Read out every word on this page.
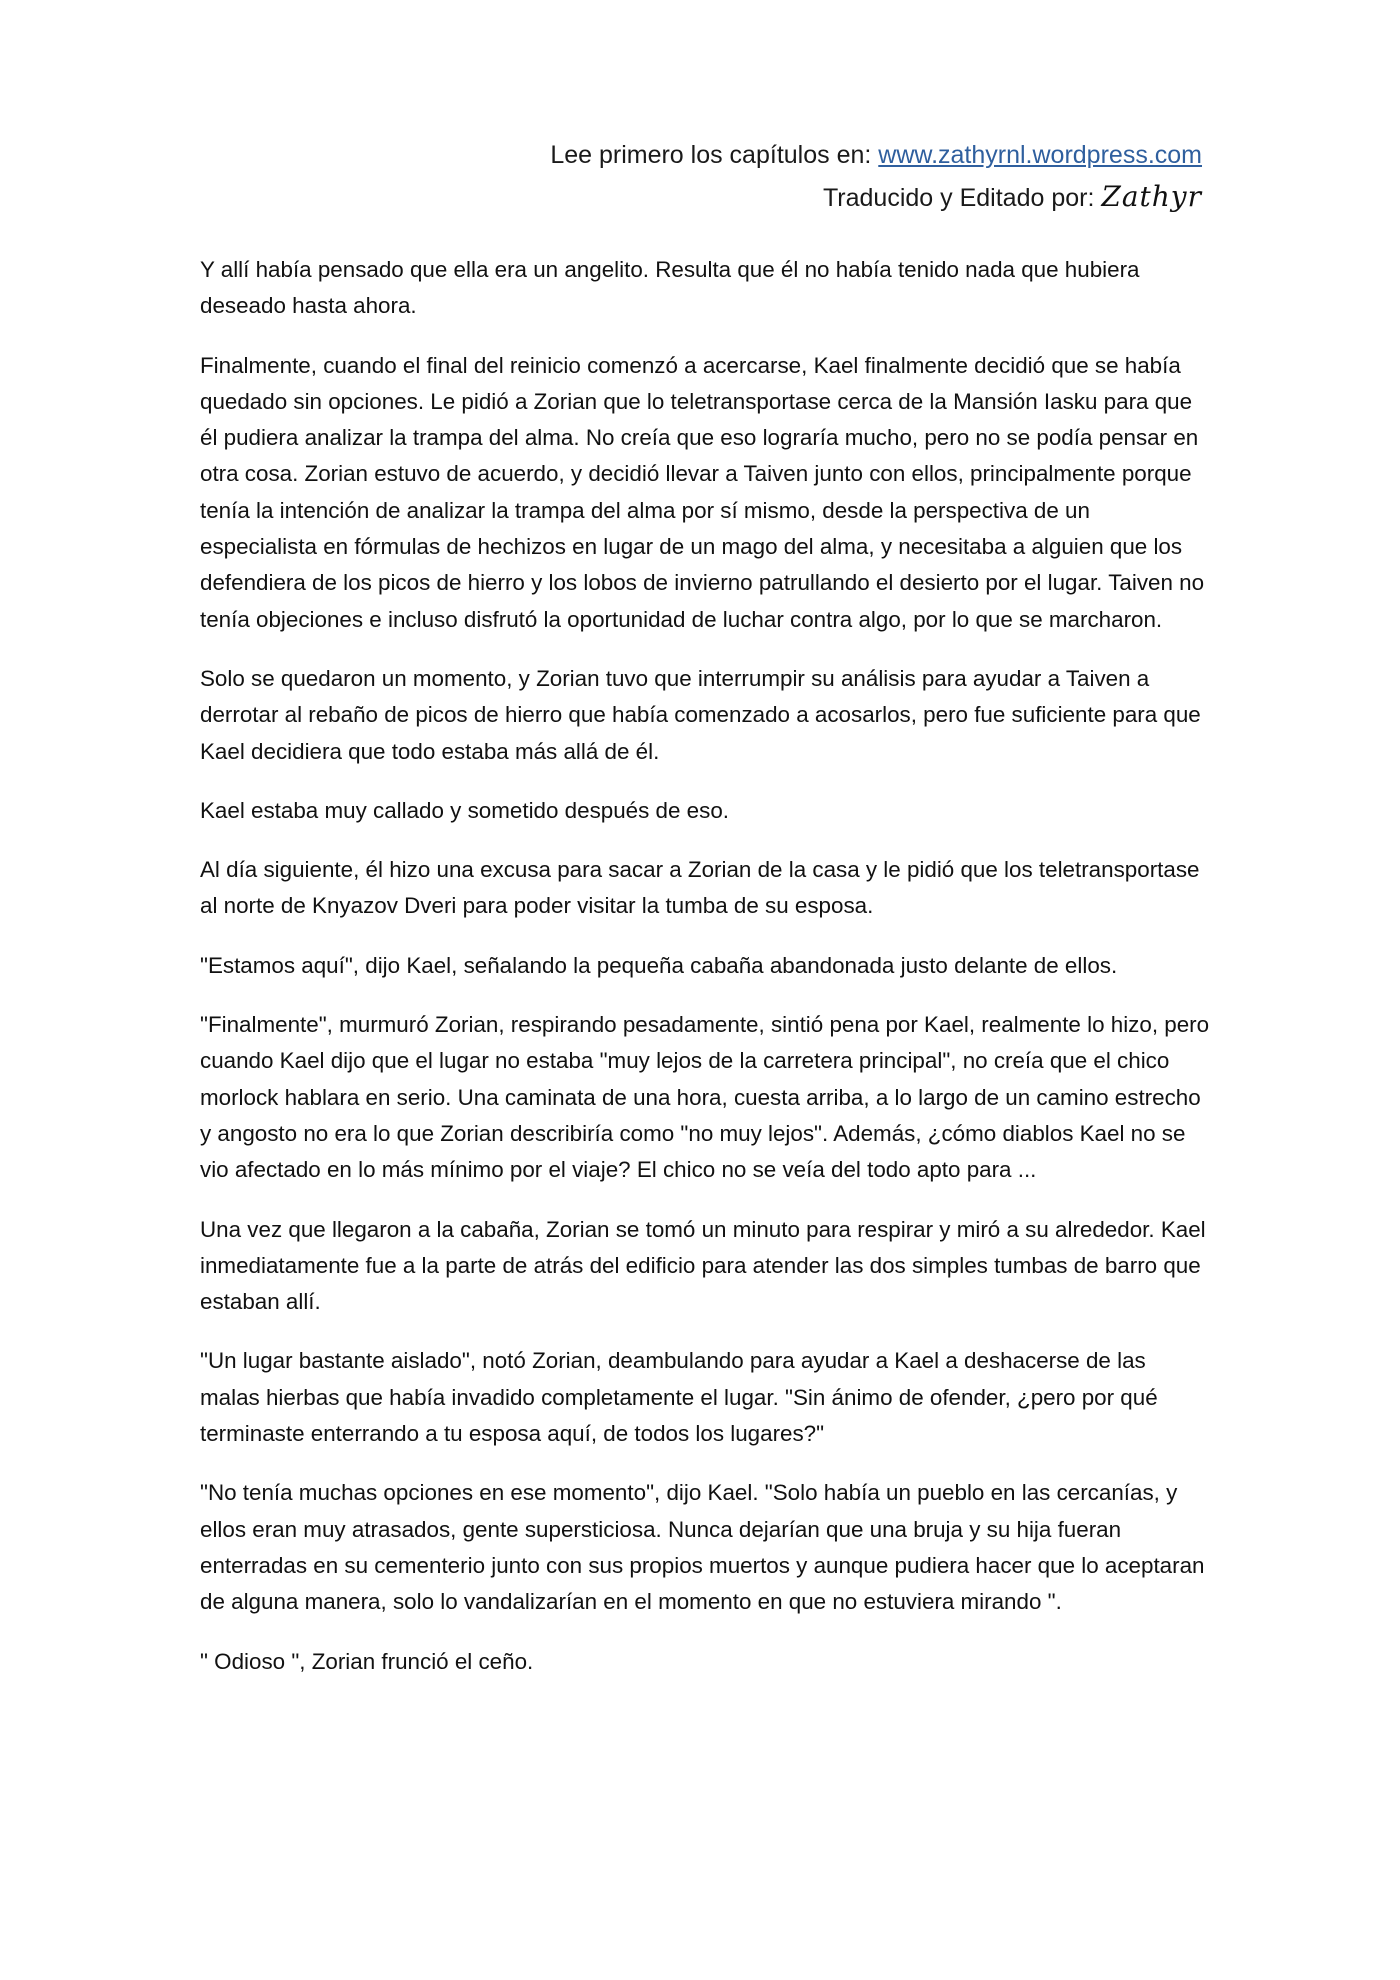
Lee primero los capítulos en: www.zathyrnl.wordpress.com
Traducido y Editado por: Zathyr

Y allí había pensado que ella era un angelito. Resulta que él no había tenido nada que hubiera deseado hasta ahora.

Finalmente, cuando el final del reinicio comenzó a acercarse, Kael finalmente decidió que se había quedado sin opciones. Le pidió a Zorian que lo teletransportase cerca de la Mansión Iasku para que él pudiera analizar la trampa del alma. No creía que eso lograría mucho, pero no se podía pensar en otra cosa. Zorian estuvo de acuerdo, y decidió llevar a Taiven junto con ellos, principalmente porque tenía la intención de analizar la trampa del alma por sí mismo, desde la perspectiva de un especialista en fórmulas de hechizos en lugar de un mago del alma, y necesitaba a alguien que los defendiera de los picos de hierro y los lobos de invierno patrullando el desierto por el lugar. Taiven no tenía objeciones e incluso disfrutó la oportunidad de luchar contra algo, por lo que se marcharon.

Solo se quedaron un momento, y Zorian tuvo que interrumpir su análisis para ayudar a Taiven a derrotar al rebaño de picos de hierro que había comenzado a acosarlos, pero fue suficiente para que Kael decidiera que todo estaba más allá de él.

Kael estaba muy callado y sometido después de eso.

Al día siguiente, él hizo una excusa para sacar a Zorian de la casa y le pidió que los teletransportase al norte de Knyazov Dveri para poder visitar la tumba de su esposa.

"Estamos aquí", dijo Kael, señalando la pequeña cabaña abandonada justo delante de ellos.

"Finalmente", murmuró Zorian, respirando pesadamente, sintió pena por Kael, realmente lo hizo, pero cuando Kael dijo que el lugar no estaba "muy lejos de la carretera principal", no creía que el chico morlock hablara en serio. Una caminata de una hora, cuesta arriba, a lo largo de un camino estrecho y angosto no era lo que Zorian describiría como "no muy lejos". Además, ¿cómo diablos Kael no se vio afectado en lo más mínimo por el viaje? El chico no se veía del todo apto para ...

Una vez que llegaron a la cabaña, Zorian se tomó un minuto para respirar y miró a su alrededor. Kael inmediatamente fue a la parte de atrás del edificio para atender las dos simples tumbas de barro que estaban allí.

"Un lugar bastante aislado", notó Zorian, deambulando para ayudar a Kael a deshacerse de las malas hierbas que había invadido completamente el lugar. "Sin ánimo de ofender, ¿pero por qué terminaste enterrando a tu esposa aquí, de todos los lugares?"

"No tenía muchas opciones en ese momento", dijo Kael. "Solo había un pueblo en las cercanías, y ellos eran muy atrasados, gente supersticiosa. Nunca dejarían que una bruja y su hija fueran enterradas en su cementerio junto con sus propios muertos y aunque pudiera hacer que lo aceptaran de alguna manera, solo lo vandalizarían en el momento en que no estuviera mirando ".

" Odioso ", Zorian frunció el ceño.
